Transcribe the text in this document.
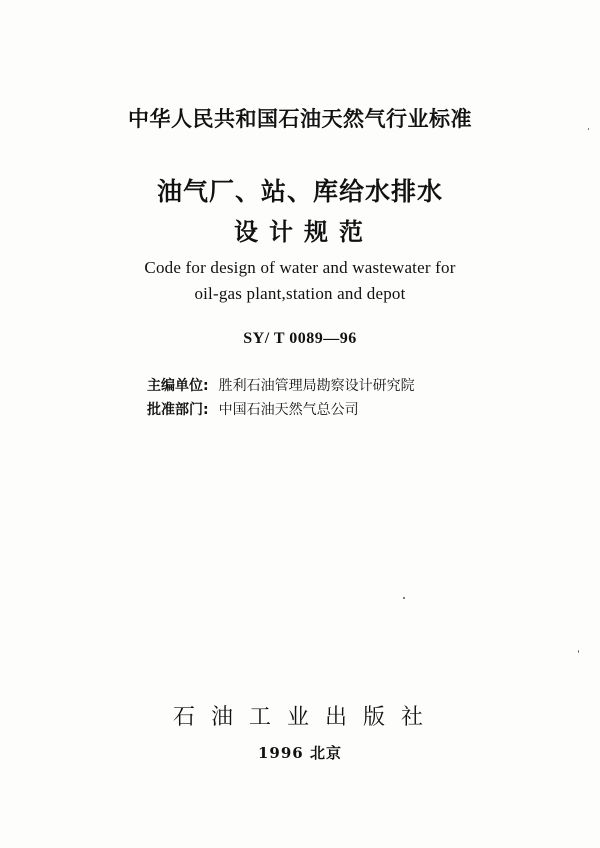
中华人民共和国石油天然气行业标准
油气厂、站、库给水排水
设计规范
Code for design of water and wastewater for
oil-gas plant,station and depot
SY/ T 0089—96
主编单位: 胜利石油管理局勘察设计研究院
批准部门: 中国石油天然气总公司
石油工业出版社
1996 北京
